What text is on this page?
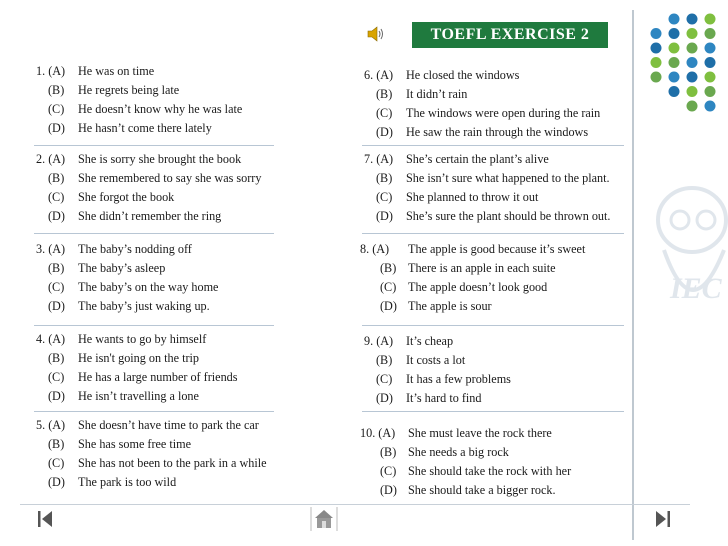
TOEFL EXERCISE 2
IEC
1. (A)	He was on time
(B)	He regrets being late
(C)	He doesn’t know why he was late
(D)	He hasn’t come there lately
2. (A)	She is sorry she brought the book
(B)	She remembered to say she was sorry
(C)	She forgot the book
(D)	She didn’t remember the ring
3. (A)	The baby’s nodding off
(B)	The baby’s asleep
(C)	The baby’s on the way home
(D)	The baby’s just waking up.
4. (A)	He wants to go by himself
(B)	He isn't going on the trip
(C)	He has a large number of friends
(D)	He isn’t travelling a lone
5. (A)	She doesn’t have time to park the car
(B)	She has some free time
(C)	She has not been to the park in a while
(D)	The park is too wild
6. (A)	He closed the windows
(B)	It didn’t rain
(C)	The windows were open during the rain
(D)	He saw the rain through the windows
7. (A)	She’s certain the plant’s alive
(B)	She isn’t sure what happened to the plant.
(C)	She planned to throw it out
(D)	She’s sure the plant should be thrown out.
8. (A)	The apple is good because it’s sweet
(B) There is an apple in each suite
(C) The apple doesn’t look good
(D) The apple is sour
9. (A)	It’s cheap
(B)	It costs a lot
(C)	It has a few problems
(D)	It’s hard to find
10. (A)	She must leave the rock there
(B) She needs a big rock
(C) She should take the rock with her
(D) She should take a bigger rock.
